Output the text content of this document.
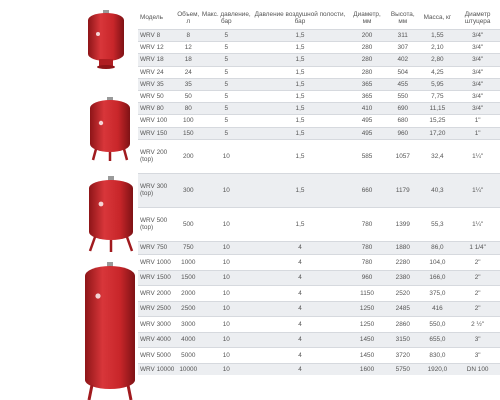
Модель	Объем, л	Макс. давление, бар	Давление воздушной полости, бар	Диаметр, мм	Высота, мм	Масса, кг	Диаметр штуцера
WRV 8	8	5	1,5	200	311	1,55	3/4"
WRV 12	12	5	1,5	280	307	2,10	3/4"
WRV 18	18	5	1,5	280	402	2,80	3/4"
WRV 24	24	5	1,5	280	504	4,25	3/4"
WRV 35	35	5	1,5	365	455	5,95	3/4"
WRV 50	50	5	1,5	365	550	7,75	3/4"
WRV 80	80	5	1,5	410	690	11,15	3/4"
WRV 100	100	5	1,5	495	680	15,25	1"
WRV 150	150	5	1,5	495	960	17,20	1"
WRV 200 (top)	200	10	1,5	585	1057	32,4	1¼"
WRV 300 (top)	300	10	1,5	660	1179	40,3	1¼"
WRV 500 (top)	500	10	1,5	780	1399	55,3	1¼"
WRV 750	750	10	4	780	1880	86,0	1 1/4"
WRV 1000	1000	10	4	780	2280	104,0	2"
WRV 1500	1500	10	4	960	2380	166,0	2"
WRV 2000	2000	10	4	1150	2520	375,0	2"
WRV 2500	2500	10	4	1250	2485	416	2"
WRV 3000	3000	10	4	1250	2860	550,0	2 ½"
WRV 4000	4000	10	4	1450	3150	655,0	3"
WRV 5000	5000	10	4	1450	3720	830,0	3"
WRV 10000	10000	10	4	1600	5750	1920,0	DN 100
